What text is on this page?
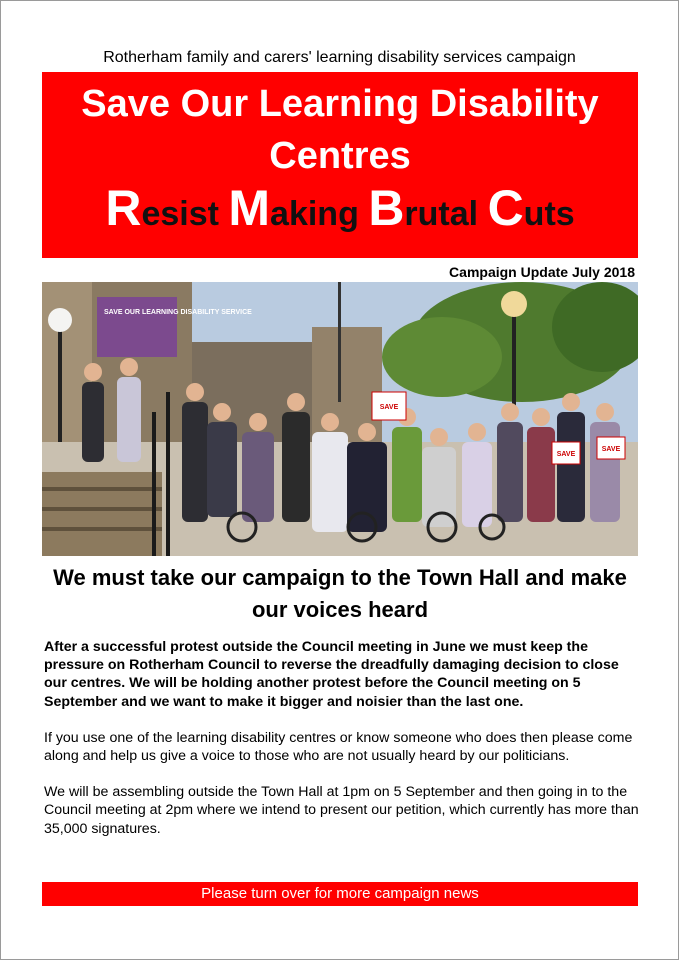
Rotherham family and carers' learning disability services campaign
Save Our Learning Disability Centres
Resist Making Brutal Cuts
Campaign Update July 2018
SAVE OUR LEARNING DISABILITY SERVICE
SAVE
SAVE
SAVE
We must take our campaign to the Town Hall and make our voices heard

After a successful protest outside the Council meeting in June we must keep the pressure on Rotherham Council to reverse the dreadfully damaging decision to close our centres. We will be holding another protest before the Council meeting on 5 September and we want to make it bigger and noisier than the last one.

If you use one of the learning disability centres or know someone who does then please come along and help us give a voice to those who are not usually heard by our politicians.

We will be assembling outside the Town Hall at 1pm on 5 September and then going in to the Council meeting at 2pm where we intend to present our petition, which currently has more than 35,000 signatures.

Please turn over for more campaign news
